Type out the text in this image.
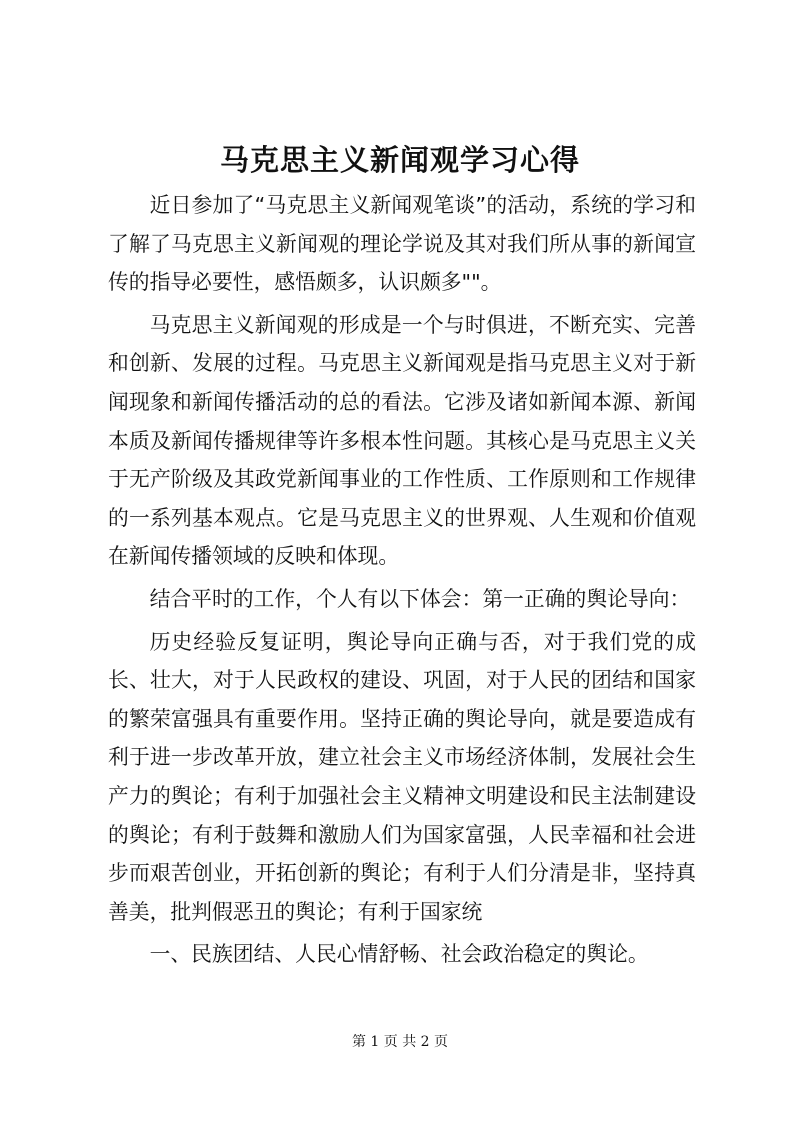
马克思主义新闻观学习心得

近日参加了“马克思主义新闻观笔谈”的活动，系统的学习和了解了马克思主义新闻观的理论学说及其对我们所从事的新闻宣传的指导必要性，感悟颇多，认识颇多""。

马克思主义新闻观的形成是一个与时俱进，不断充实、完善和创新、发展的过程。马克思主义新闻观是指马克思主义对于新闻现象和新闻传播活动的总的看法。它涉及诸如新闻本源、新闻本质及新闻传播规律等许多根本性问题。其核心是马克思主义关于无产阶级及其政党新闻事业的工作性质、工作原则和工作规律的一系列基本观点。它是马克思主义的世界观、人生观和价值观在新闻传播领域的反映和体现。

结合平时的工作，个人有以下体会：第一正确的舆论导向：

历史经验反复证明，舆论导向正确与否，对于我们党的成长、壮大，对于人民政权的建设、巩固，对于人民的团结和国家的繁荣富强具有重要作用。坚持正确的舆论导向，就是要造成有利于进一步改革开放，建立社会主义市场经济体制，发展社会生产力的舆论；有利于加强社会主义精神文明建设和民主法制建设的舆论；有利于鼓舞和激励人们为国家富强，人民幸福和社会进步而艰苦创业，开拓创新的舆论；有利于人们分清是非，坚持真善美，批判假恶丑的舆论；有利于国家统

一、民族团结、人民心情舒畅、社会政治稳定的舆论。

第 1 页 共 2 页
